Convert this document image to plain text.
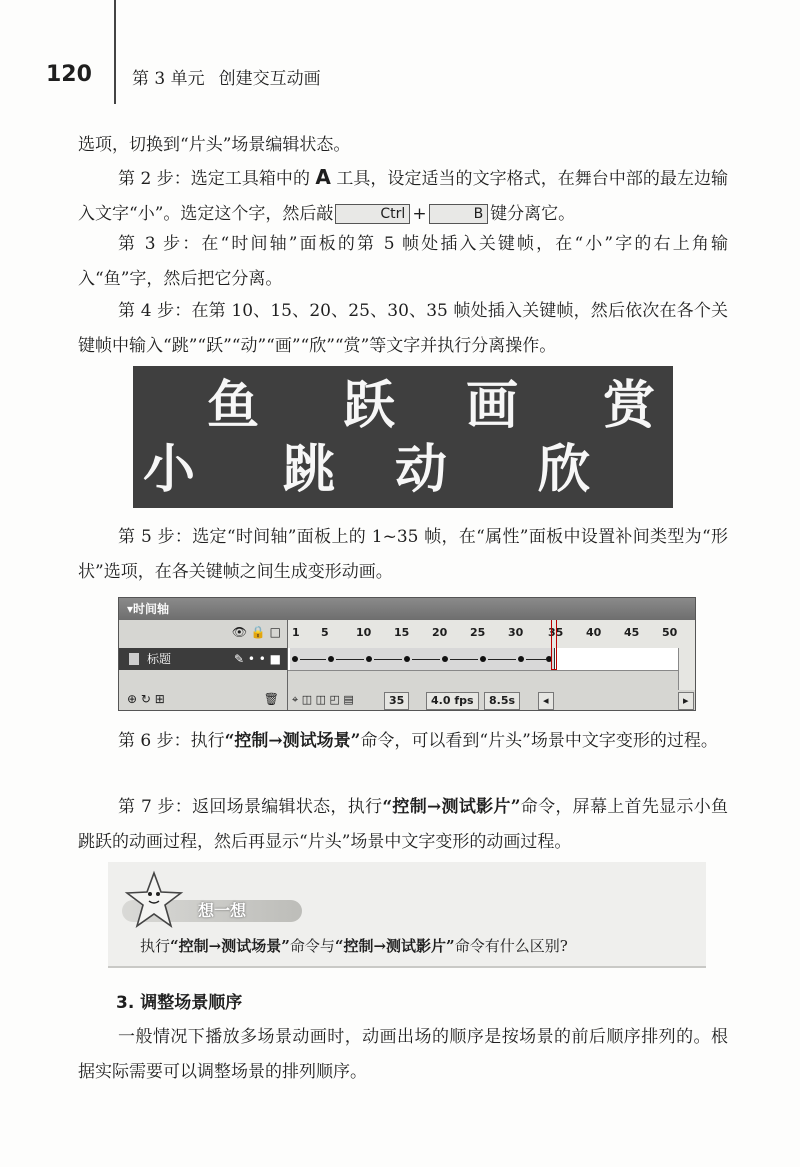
120 第 3 单元 创建交互动画

选项，切换到“片头”场景编辑状态。

第 2 步：选定工具箱中的 A 工具，设定适当的文字格式，在舞台中部的最左边输入文字“小”。选定这个字，然后敲	Ctrl +	B 键分离它。

第 3 步：在“时间轴”面板的第 5 帧处插入关键帧，在“小”字的右上角输入“鱼”字，然后把它分离。

第 4 步：在第 10、15、20、25、30、35 帧处插入关键帧，然后依次在各个关键帧中输入“跳”“跃”“动”“画”“欣”“赏”等文字并执行分离操作。

鱼 跃 画 赏
小 跳 动 欣

第 5 步：选定“时间轴”面板上的 1~35 帧，在“属性”面板中设置补间类型为“形状”选项，在各关键帧之间生成变形动画。

▾时间轴
👁 🔒 □
标题	✎ • • ■
⊕ ↻ ⊞	🗑
1 5 10 15 20 25 30 35 40 45 50
⌖ ◫ ◫ ◰ ▤	35	4.0 fps	8.5s	◂	▸

第 6 步：执行“控制→测试场景”命令，可以看到“片头”场景中文字变形的过程。

第 7 步：返回场景编辑状态，执行“控制→测试影片”命令，屏幕上首先显示小鱼跳跃的动画过程，然后再显示“片头”场景中文字变形的动画过程。

想一想
执行“控制→测试场景”命令与“控制→测试影片”命令有什么区别?
3. 调整场景顺序

一般情况下播放多场景动画时，动画出场的顺序是按场景的前后顺序排列的。根据实际需要可以调整场景的排列顺序。
